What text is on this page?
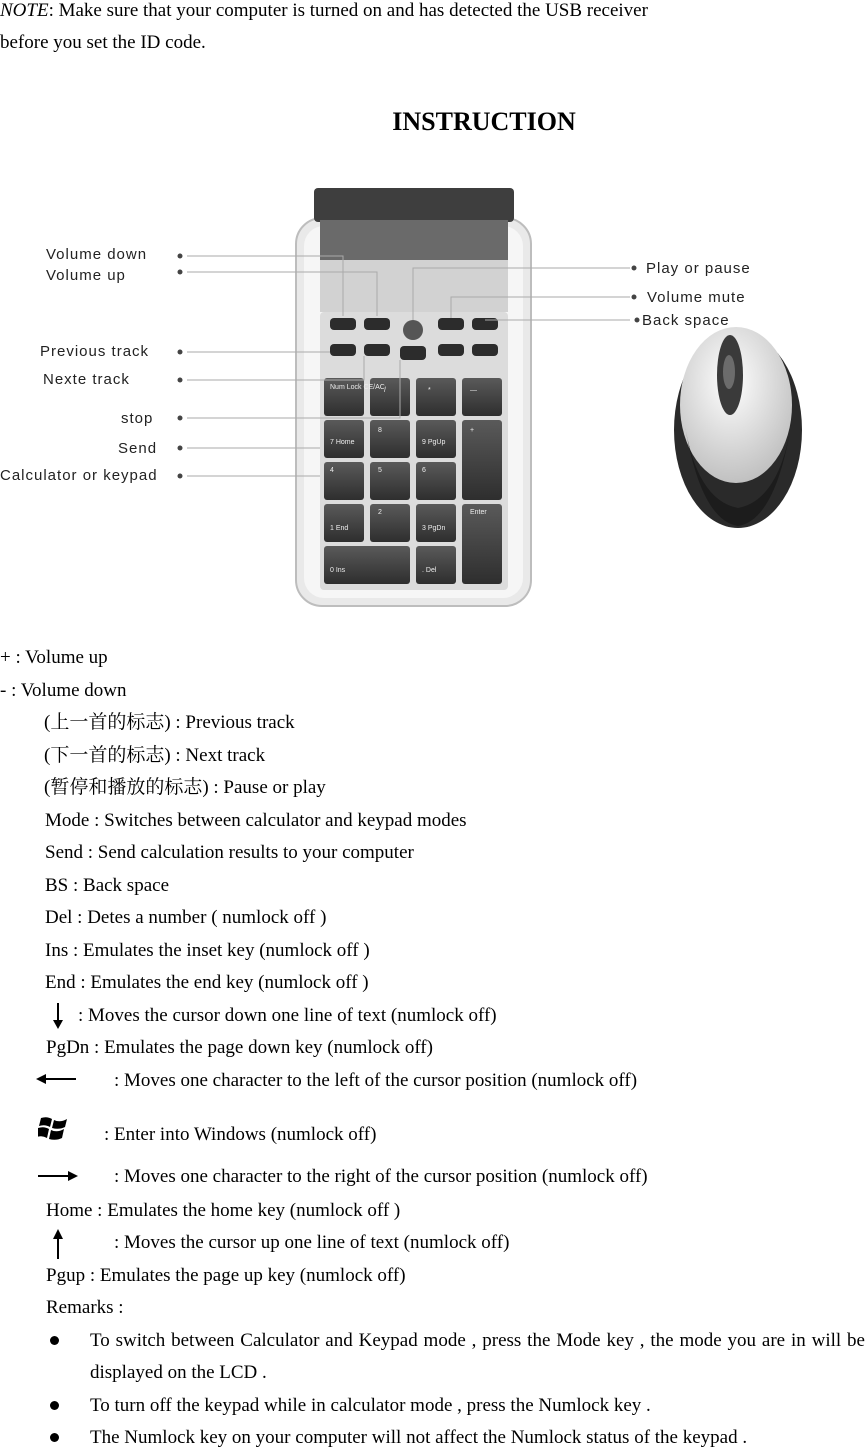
NOTE: Make sure that your computer is turned on and has detected the USB receiver
before you set the ID code.
INSTRUCTION
Num Lock CE/AC /	*	—
7 Home
8
9 PgUp
+
4	5	6
1 End
2
3 PgDn
Enter
0 Ins	. Del
Volume down
Volume up
Previous track
Nexte track
stop
Send
Calculator or keypad
Play or pause
Volume mute
Back space
+ : Volume up
- : Volume down
(上一首的标志) : Previous track
(下一首的标志) : Next track
(暂停和播放的标志) : Pause or play
Mode : Switches between calculator and keypad modes
Send : Send calculation results to your computer
BS : Back space
Del : Detes a number ( numlock off )
Ins : Emulates the inset key (numlock off )
End : Emulates the end key (numlock off )
: Moves the cursor down one line of text (numlock off)
PgDn : Emulates the page down key (numlock off)
: Moves one character to the left of the cursor position (numlock off)
: Enter into Windows (numlock off)
: Moves one character to the right of the cursor position (numlock off)
Home : Emulates the home key (numlock off )
: Moves the cursor up one line of text (numlock off)
Pgup : Emulates the page up key (numlock off)
Remarks :
To switch between Calculator and Keypad mode , press the Mode key , the mode you are in will be displayed on the LCD .
To turn off the keypad while in calculator mode , press the Numlock key .
The Numlock key on your computer will not affect the Numlock status of the keypad .
